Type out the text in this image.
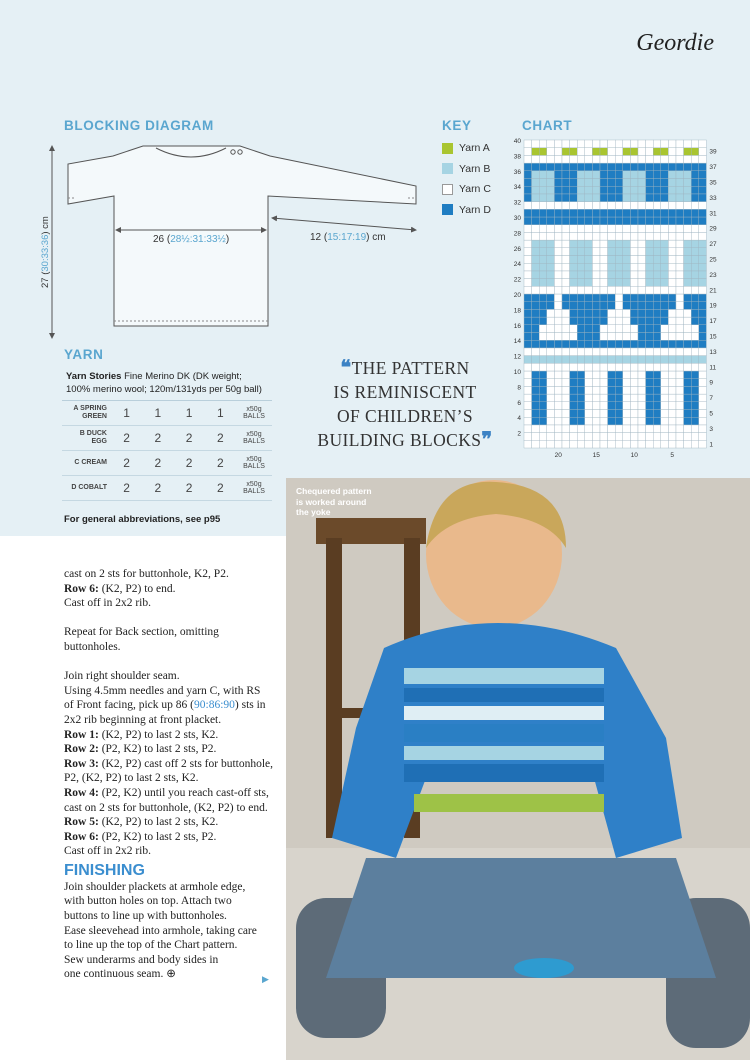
Geordie
BLOCKING DIAGRAM	KEY	CHART
YARN
26 (28½:31:33½)	12 (15:17:19) cm
27 (30:33:36) cm
Yarn A
Yarn B
Yarn C
Yarn D
40
38
36
34
32
30
28
26
24
22
20
18
16
14
12
10
8
6
4
2
39
37
35
33
31
29
27
25
23
21
19
17
15
13
11
9
7
5
3
1
20	15	10	5
Yarn Stories Fine Merino DK (DK weight;
100% merino wool; 120m/131yds per 50g ball)					
A SPRING
GREEN	1	1	1	1	x50g
BALLS
B DUCK EGG	2	2	2	2	x50g
BALLS
C CREAM	2	2	2	2	x50g
BALLS
D COBALT	2	2	2	2	x50g
BALLS
For general abbreviations, see p95
❝THE PATTERN
IS REMINISCENT
OF CHILDREN’S
BUILDING BLOCKS❞
cast on 2 sts for buttonhole, K2, P2.
Row 6: (K2, P2) to end.
Cast off in 2x2 rib.
Repeat for Back section, omitting
buttonholes.
Join right shoulder seam.
Using 4.5mm needles and yarn C, with RS
of Front facing, pick up 86 (90:86:90) sts in
2x2 rib beginning at front placket.
Row 1: (K2, P2) to last 2 sts, K2.
Row 2: (P2, K2) to last 2 sts, P2.
Row 3: (K2, P2) cast off 2 sts for buttonhole,
P2, (K2, P2) to last 2 sts, K2.
Row 4: (P2, K2) until you reach cast-off sts,
cast on 2 sts for buttonhole, (K2, P2) to end.
Row 5: (K2, P2) to last 2 sts, K2.
Row 6: (P2, K2) to last 2 sts, P2.
Cast off in 2x2 rib.
FINISHING
Join shoulder plackets at armhole edge,
with button holes on top. Attach two
buttons to line up with buttonholes.
Ease sleevehead into armhole, taking care
to line up the top of the Chart pattern.
Sew underarms and body sides in
one continuous seam. ⊕	▶
Chequered pattern
is worked around
the yoke
